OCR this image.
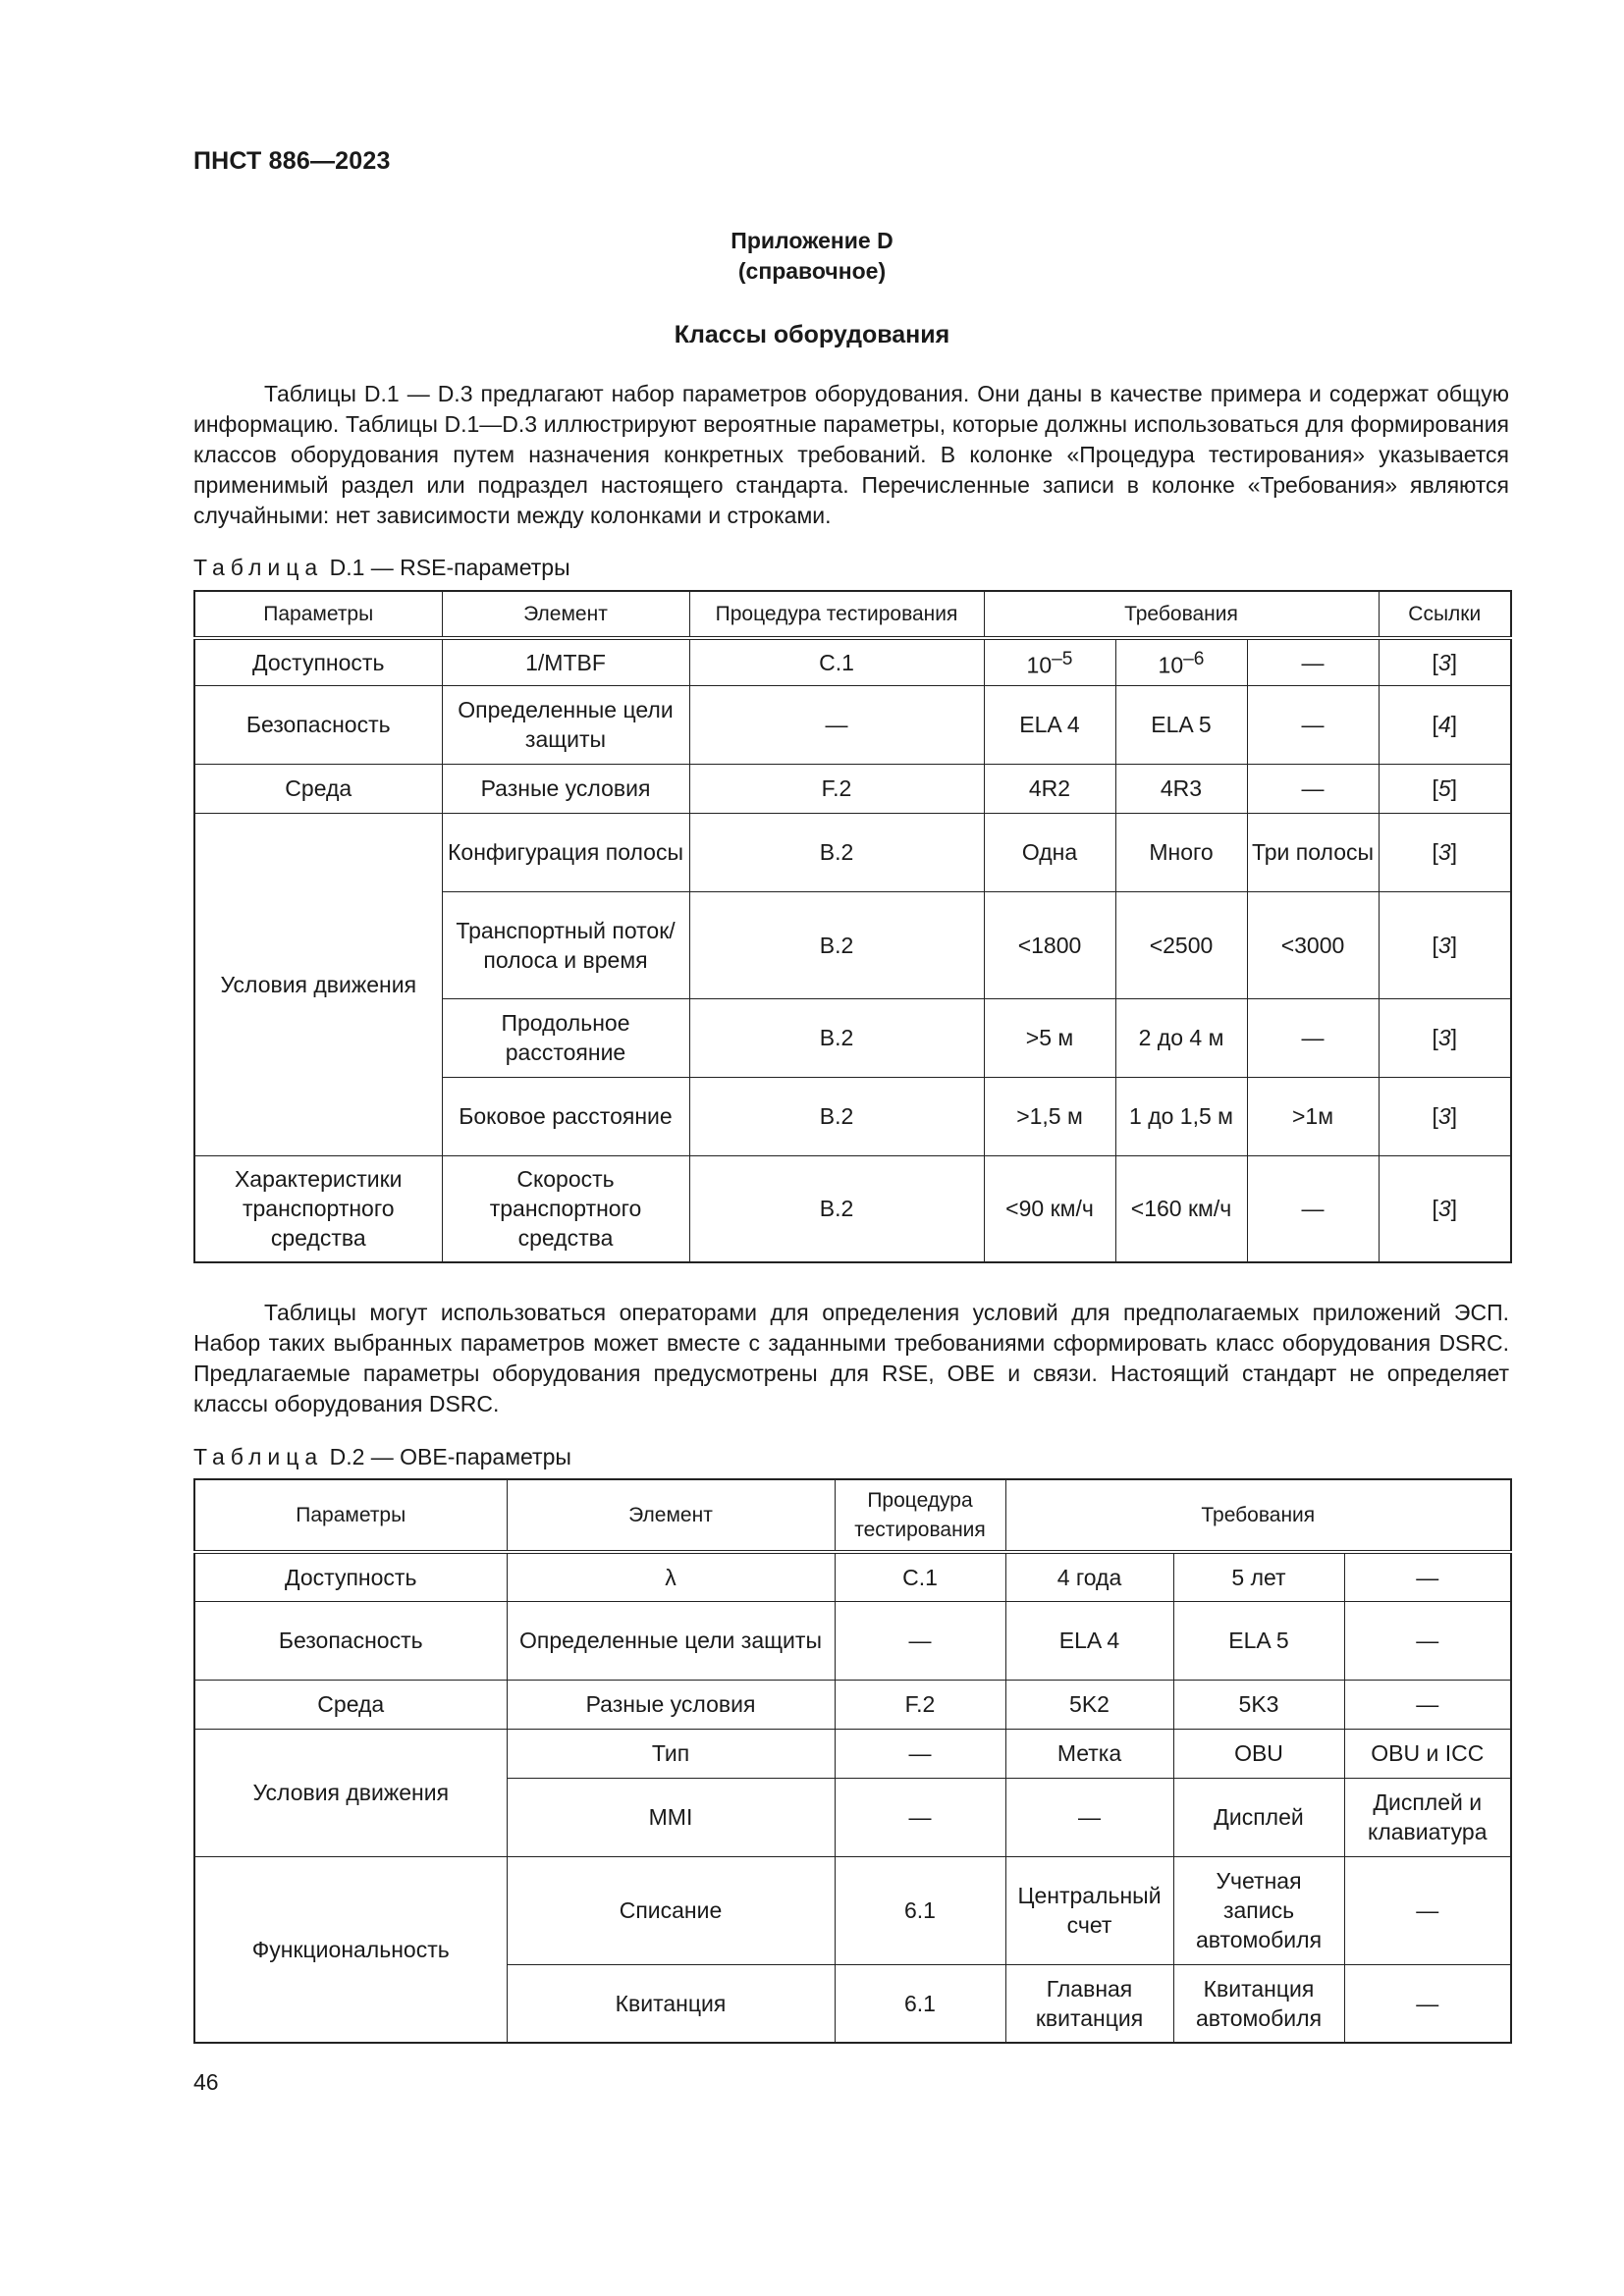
ПНСТ 886—2023
Приложение D
(справочное)
Классы оборудования

Таблицы D.1 — D.3 предлагают набор параметров оборудования. Они даны в качестве примера и содержат общую информацию. Таблицы D.1—D.3 иллюстрируют вероятные параметры, которые должны использоваться для формирования классов оборудования путем назначения конкретных требований. В колонке «Процедура тестирования» указывается применимый раздел или подраздел настоящего стандарта. Перечисленные записи в колонке «Требования» являются случайными: нет зависимости между колонками и строками.

Таблица D.1 — RSE-параметры
Параметры	Элемент	Процедура тестирования	Требования			Ссылки
Доступность	1/MTBF	C.1	$10^{-5}$	$10^{-6}$	—	[3]
Безопасность	Определенные цели защиты	—	ELA 4	ELA 5	—	[4]
Среда	Разные условия	F.2	4R2	4R3	—	[5]
Условия движения	Конфигурация полосы	B.2	Одна	Много	Три полосы	[3]
	Транспортный поток/полоса и время	B.2	<1800	<2500	<3000	[3]
	Продольное расстояние	B.2	>5 м	2 до 4 м	—	[3]
	Боковое расстояние	B.2	>1,5 м	1 до 1,5 м	>1м	[3]
Характеристики транспортного средства	Скорость транспортного средства	B.2	<90 км/ч	<160 км/ч	—	[3]

Таблицы могут использоваться операторами для определения условий для предполагаемых приложений ЭСП. Набор таких выбранных параметров может вместе с заданными требованиями сформировать класс оборудования DSRC. Предлагаемые параметры оборудования предусмотрены для RSE, OBE и связи. Настоящий стандарт не определяет классы оборудования DSRC.

Таблица D.2 — OBE-параметры
Параметры	Элемент	Процедура тестирования	Требования		
Доступность	λ	C.1	4 года	5 лет	—
Безопасность	Определенные цели защиты	—	ELA 4	ELA 5	—
Среда	Разные условия	F.2	5K2	5K3	—
Условия движения	Тип	—	Метка	OBU	OBU и ICC
	MMI	—	—	Дисплей	Дисплей и клавиатура
Функциональность	Списание	6.1	Центральный счет	Учетная запись автомобиля	—
	Квитанция	6.1	Главная квитанция	Квитанция автомобиля	—
46
